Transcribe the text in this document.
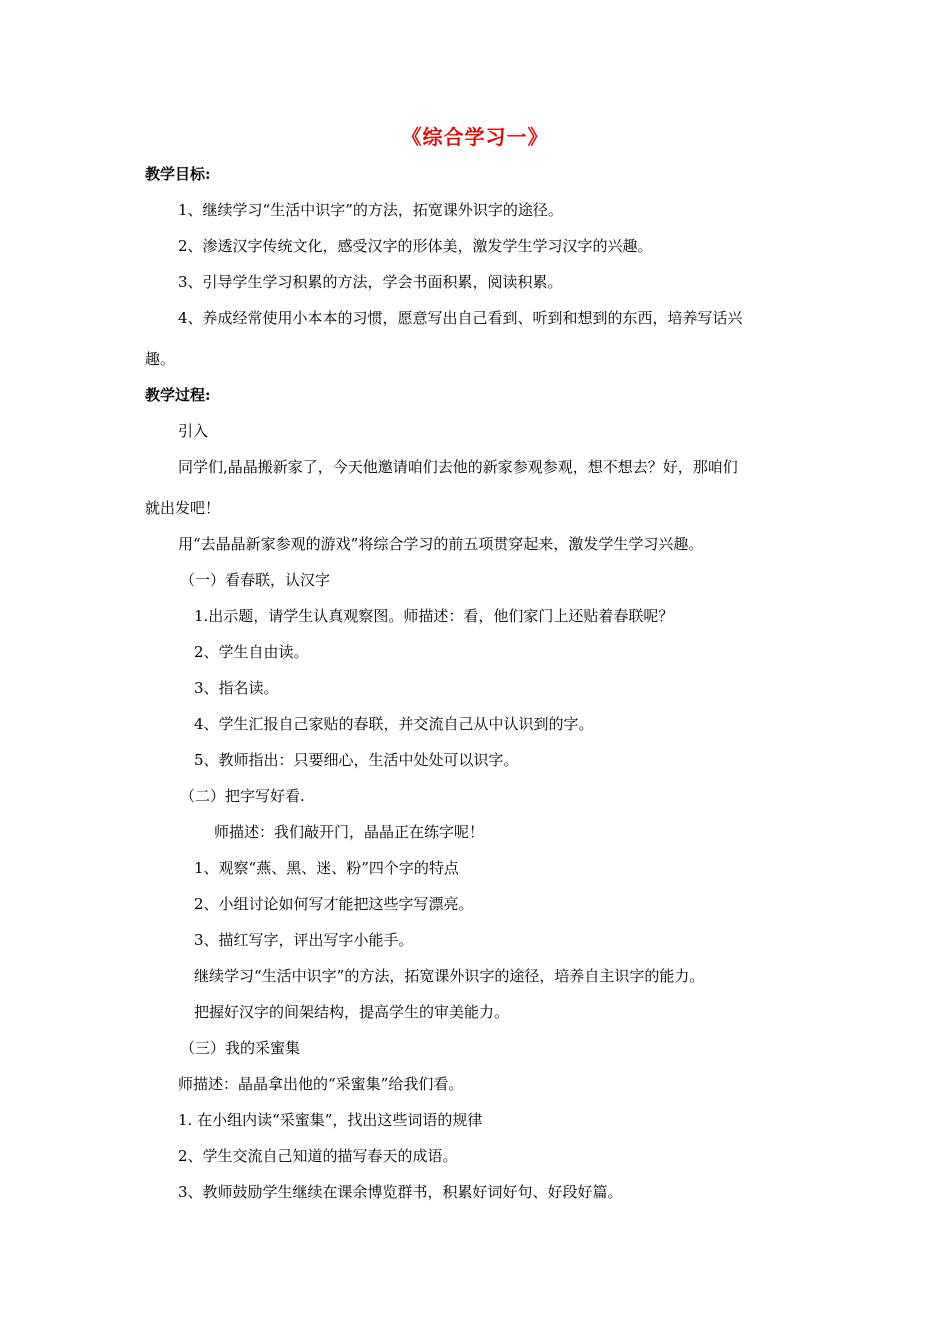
《综合学习一》
教学目标:
1、继续学习“生活中识字”的方法，拓宽课外识字的途径。
2、渗透汉字传统文化，感受汉字的形体美，激发学生学习汉字的兴趣。
3、引导学生学习积累的方法，学会书面积累，阅读积累。
4、养成经常使用小本本的习惯，愿意写出自己看到、听到和想到的东西，培养写话兴
趣。
教学过程:
引入
同学们,晶晶搬新家了，今天他邀请咱们去他的新家参观参观，想不想去？好，那咱们
就出发吧！
用“去晶晶新家参观的游戏”将综合学习的前五项贯穿起来，激发学生学习兴趣。
（一）看春联，认汉字
1.出示题，请学生认真观察图。师描述：看，他们家门上还贴着春联呢？
2、学生自由读。
3、指名读。
4、学生汇报自己家贴的春联，并交流自己从中认识到的字。
5、教师指出：只要细心，生活中处处可以识字。
（二）把字写好看.
师描述：我们敲开门，晶晶正在练字呢！
1、观察“燕、黑、迷、粉”四个字的特点
2、小组讨论如何写才能把这些字写漂亮。
3、描红写字，评出写字小能手。
继续学习“生活中识字”的方法，拓宽课外识字的途径，培养自主识字的能力。
把握好汉字的间架结构，提高学生的审美能力。
（三）我的采蜜集
师描述：晶晶拿出他的“采蜜集”给我们看。
1. 在小组内读“采蜜集”，找出这些词语的规律
2、学生交流自己知道的描写春天的成语。
3、教师鼓励学生继续在课余博览群书，积累好词好句、好段好篇。
